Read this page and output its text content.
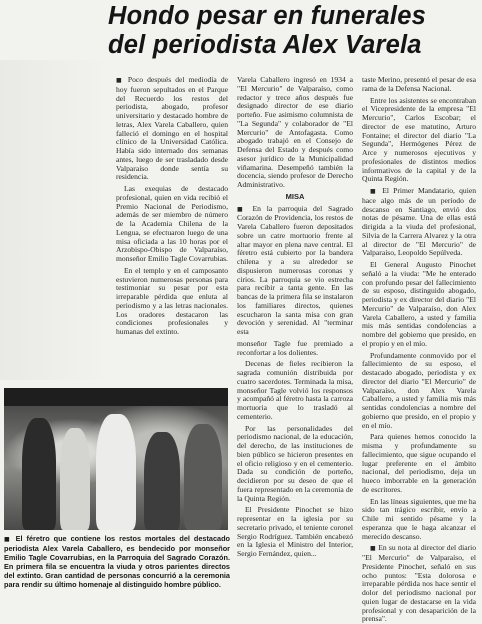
Hondo pesar en funerales
del periodista Alex Varela

■ Poco después del mediodía de hoy fueron sepultados en el Parque del Recuerdo los restos del periodista, abogado, profesor universitario y destacado hombre de letras, Alex Varela Caballero, quien falleció el domingo en el hospital clínico de la Universidad Católica. Había sido internado dos semanas antes, luego de ser trasladado desde Valparaíso donde sentía su residencia.

Las exequias de destacado profesional, quien en vida recibió el Premio Nacional de Periodismo, además de ser miembro de número de la Academia Chilena de la Lengua, se efectuaron luego de una misa oficiada a las 10 horas por el Arzobispo-Obispo de Valparaíso, monseñor Emilio Tagle Covarrubias.

En el templo y en el camposanto estuvieron numerosas personas para testimoniar su pesar por esta irreparable pérdida que enluta al periodismo y a las letras nacionales. Los oradores destacaron las condiciones profesionales y humanas del extinto.

Varela Caballero ingresó en 1934 a "El Mercurio" de Valparaíso, como redactor y trece años después fue designado director de ese diario porteño. Fue asimismo columnista de "La Segunda" y colaborador de "El Mercurio" de Antofagasta. Como abogado trabajó en el Consejo de Defensa del Estado y después como asesor jurídico de la Municipalidad viñamarina. Desempeñó también la docencia, siendo profesor de Derecho Administrativo.

MISA

■ En la parroquia del Sagrado Corazón de Providencia, los restos de Varela Caballero fueron depositados sobre un catre mortuorio frente al altar mayor en plena nave central. El féretro está cubierto por la bandera chilena y a su alrededor se dispusieron numerosas coronas y cirios. La parroquia se vio estrecha para recibir a tanta gente. En las bancas de la primera fila se instalaron los familiares directos, quienes escucharon la santa misa con gran devoción y serenidad. Al "terminar esta

monseñor Tagle fue premiado a reconfortar a los dolientes.

Decenas de fieles recibieron la sagrada comunión distribuida por cuatro sacerdotes. Terminada la misa, monseñor Tagle volvió los responsos y acompañó al féretro hasta la carroza mortuoria que lo trasladó al cementerio.

Por las personalidades del periodismo nacional, de la educación, del derecho, de las instituciones de bien público se hicieron presentes en el oficio religioso y en el cementerio. Dada su condición de porteño, decidieron por su deseo de que el fuera representado en la ceremonia de la Quinta Región.

El Presidente Pinochet se hizo representar en la iglesia por su secretario privado, el teniente coronel Sergio Rodríguez. También encabezó en la Iglesia el Ministro del Interior, Sergio Fernández, quien...

taste Merino, presentó el pesar de esa rama de la Defensa Nacional.

Entre los asistentes se encontraban el Vicepresidente de la empresa "El Mercurio", Carlos Escobar; el director de ese matutino, Arturo Fontaine; el director del diario "La Segunda", Hermógenes Pérez de Arce y numerosos ejecutivos y profesionales de distintos medios informativos de la capital y de la Quinta Región.

■ El Primer Mandatario, quien hace algo más de un período de descanso en Santiago, envió dos notas de pésame. Una de ellas está dirigida a la viuda del profesional, Silvia de la Carrera Alvarez y la otra al director de "El Mercurio" de Valparaíso, Leopoldo Sepúlveda.

El General Augusto Pinochet señaló a la viuda: "Me he enterado con profundo pesar del fallecimiento de su esposo, distinguido abogado, periodista y ex director del diario "El Mercurio" de Valparaíso, don Alex Varela Caballero, a usted y familia mis más sentidas condolencias a nombre del gobierno que presido, en el propio y en el mío.

Profundamente conmovido por el fallecimiento de su esposo, el destacado abogado, periodista y ex director del diario "El Mercurio" de Valparaíso, don Alex Varela Caballero, a usted y familia mis más sentidas condolencias a nombre del gobierno que presido, en el propio y en el mío.

Para quienes hemos conocido la misma y profundamente su fallecimiento, que sigue ocupando el lugar preferente en el ámbito nacional, del periodismo, deja un hueco imborrable en la generación de escritores.

En las líneas siguientes, que me ha sido tan trágico escribir, envío a Chile mi sentido pésame y la esperanza que le haga alcanzar el merecido descanso.

■ En su nota al director del diario "El Mercurio" de Valparaíso, el Presidente Pinochet, señaló en sus ocho puntos: "Esta dolorosa e irreparable pérdida nos hace sentir el dolor del periodismo nacional por quien lugar de destacarse en la vida profesional y con desaparición de la prensa".

■ El féretro que contiene los restos mortales del destacado periodista Alex Varela Caballero, es bendecido por monseñor Emilio Tagle Covarrubias, en la Parroquia del Sagrado Corazón. En primera fila se encuentra la viuda y otros parientes directos del extinto. Gran cantidad de personas concurrió a la ceremonia para rendir su último homenaje al distinguido hombre público.
